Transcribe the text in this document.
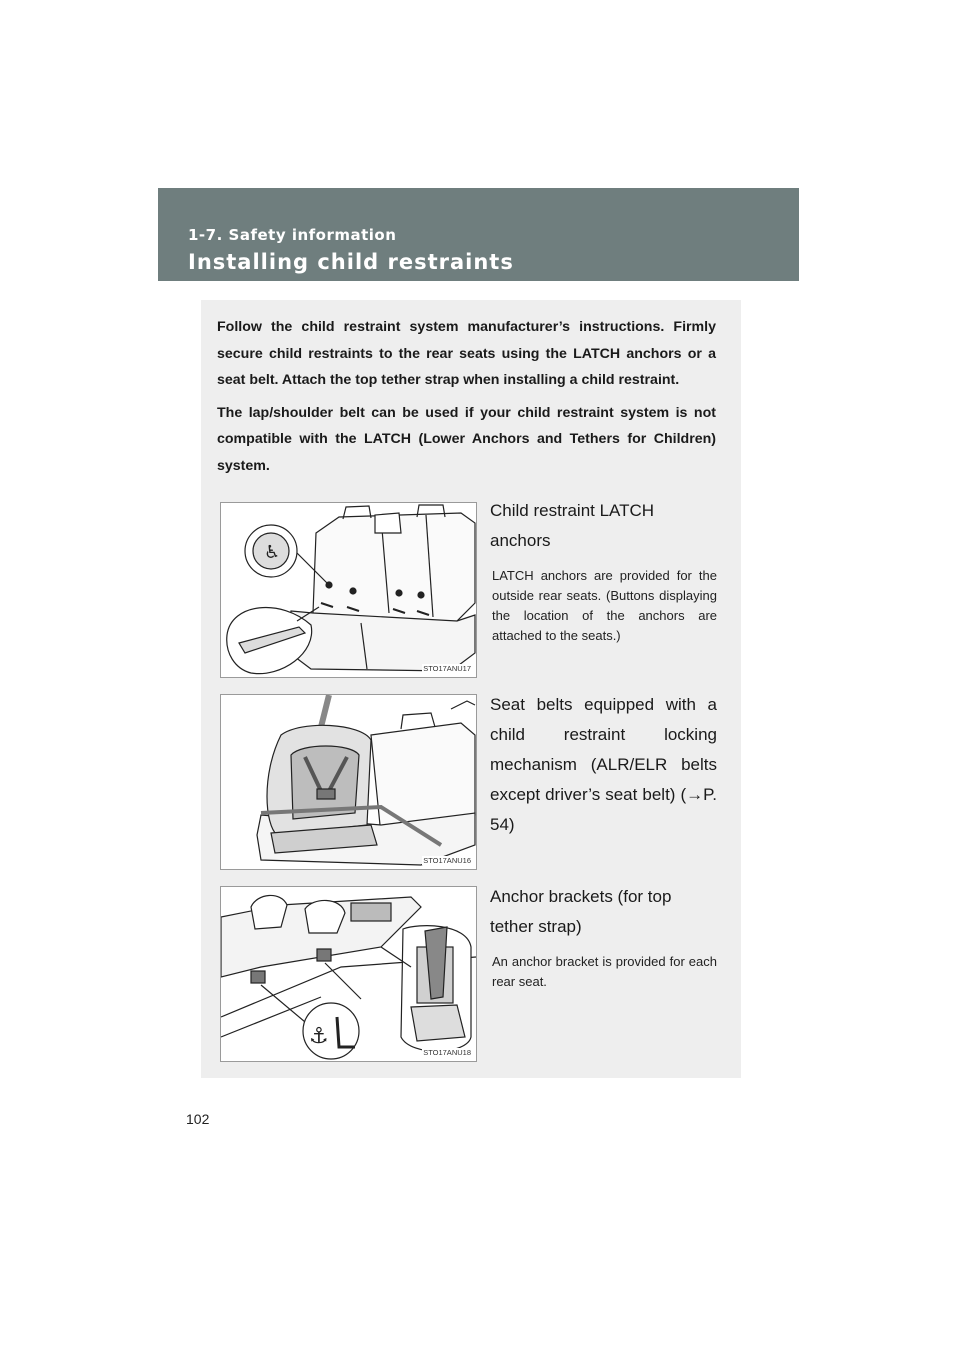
1-7. Safety information
Installing child restraints

Follow the child restraint system manufacturer’s instructions. Firmly secure child restraints to the rear seats using the LATCH anchors or a seat belt. Attach the top tether strap when installing a child restraint.

The lap/shoulder belt can be used if your child restraint system is not compatible with the LATCH (Lower Anchors and Tethers for Children) system.

♿
STO17ANU17

Child restraint LATCH anchors

LATCH anchors are provided for the outside rear seats. (Buttons displaying the location of the anchors are attached to the seats.)

STO17ANU16

Seat belts equipped with a child restraint locking mechanism (ALR/ELR belts except driver’s seat belt) (→P. 54)

⚓
STO17ANU18

Anchor brackets (for top tether strap)

An anchor bracket is provided for each rear seat.

102
